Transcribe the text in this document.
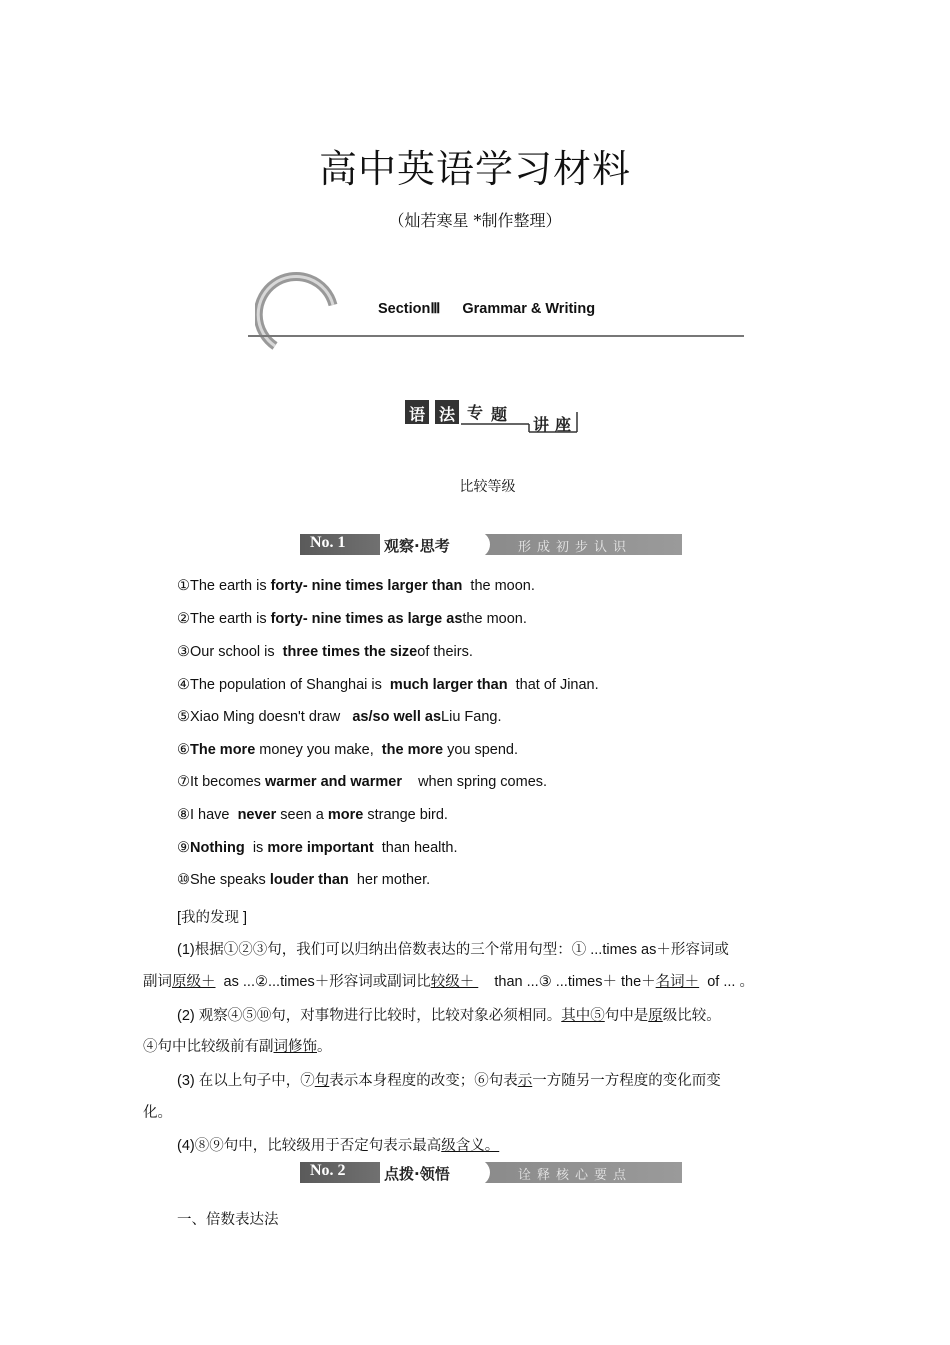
高中英语学习材料
（灿若寒星 *制作整理）
SectionⅢ Grammar & Writing
语 法 专 题
讲 座
比较等级
No. 1	观察·思考	形成初步认识
①The earth is forty- nine times larger than  the moon.
②The earth is forty- nine times as large asthe moon.
③Our school is  three times the sizeof theirs.
④The population of Shanghai is  much larger than  that of Jinan.
⑤Xiao Ming doesn't draw   as/so well asLiu Fang.
⑥The more money you make,  the more you spend.
⑦It becomes warmer and warmer    when spring comes.
⑧I have  never seen a more strange bird.
⑨Nothing  is more important  than health.
⑩She speaks louder than  her mother.
[我的发现 ]
(1)根据①②③句，我们可以归纳出倍数表达的三个常用句型：① ...times as＋形容词或
副词原级＋  as ...②...times＋形容词或副词比较级＋     than ...③ ...times＋ the＋名词＋  of ... 。
(2) 观察④⑤⑩句，对事物进行比较时，比较对象必须相同。其中⑤句中是原级比较。
④句中比较级前有副词修饰。
(3) 在以上句子中，⑦句表示本身程度的改变；⑥句表示一方随另一方程度的变化而变
化。
(4)⑧⑨句中，比较级用于否定句表示最高级含义。
No. 2	点拨·领悟	诠释核心要点
一、倍数表达法
